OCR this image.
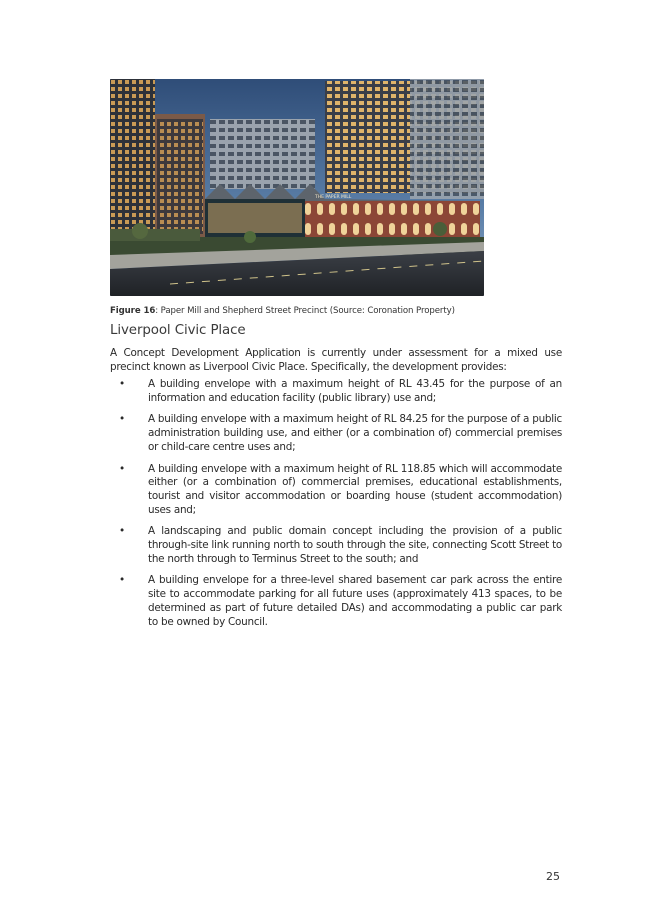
THE PAPER MILL
Figure 16: Paper Mill and Shepherd Street Precinct (Source: Coronation Property)
Liverpool Civic Place
A Concept Development Application is currently under assessment for a mixed use precinct known as Liverpool Civic Place. Specifically, the development provides:
• A building envelope with a maximum height of RL 43.45 for the purpose of an information and education facility (public library) use and;
• A building envelope with a maximum height of RL 84.25 for the purpose of a public administration building use, and either (or a combination of) commercial premises or child-care centre uses and;
• A building envelope with a maximum height of RL 118.85 which will accommodate either (or a combination of) commercial premises, educational establishments, tourist and visitor accommodation or boarding house (student accommodation) uses and;
• A landscaping and public domain concept including the provision of a public through-site link running north to south through the site, connecting Scott Street to the north through to Terminus Street to the south; and
• A building envelope for a three-level shared basement car park across the entire site to accommodate parking for all future uses (approximately 413 spaces, to be determined as part of future detailed DAs) and accommodating a public car park to be owned by Council.
25
